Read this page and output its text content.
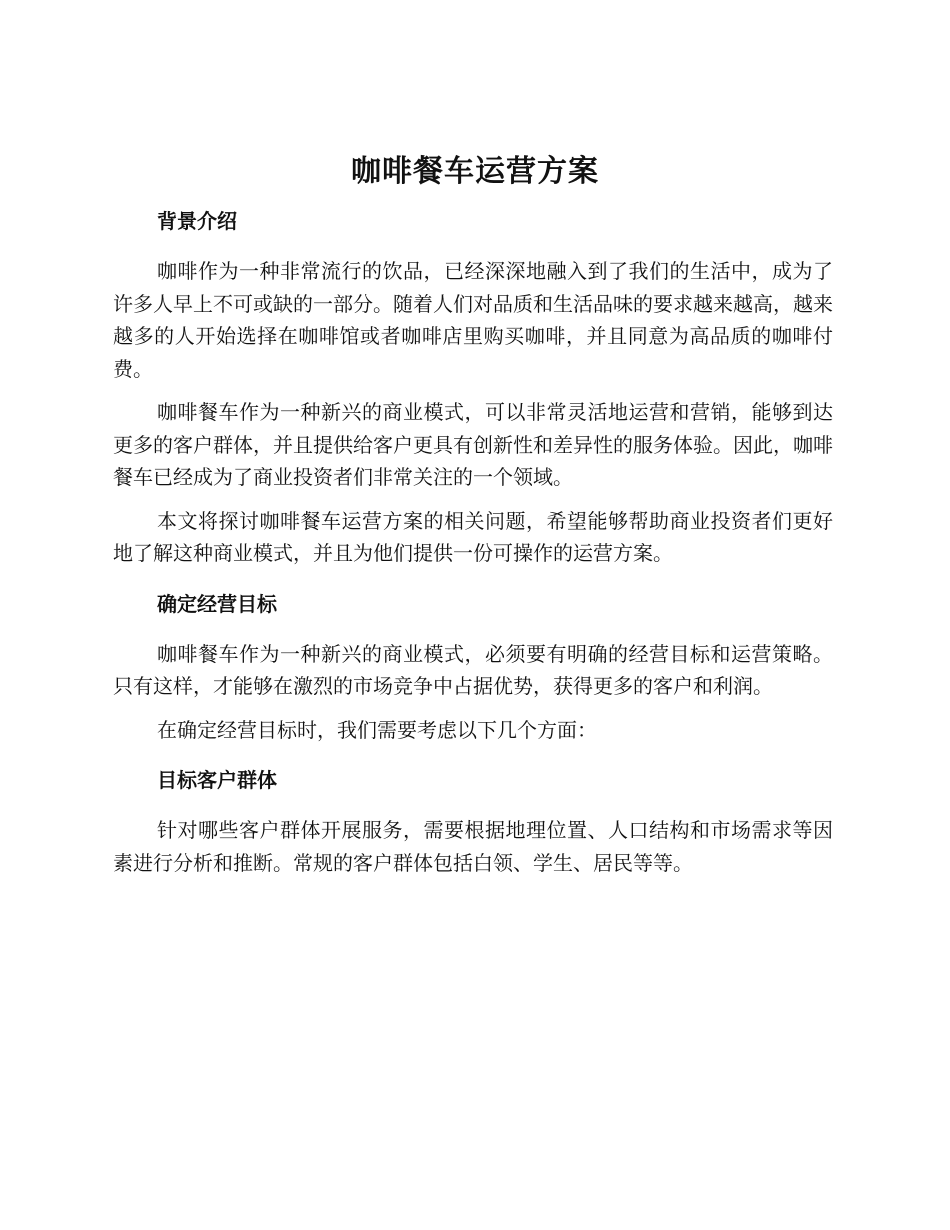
咖啡餐车运营方案
背景介绍

咖啡作为一种非常流行的饮品，已经深深地融入到了我们的生活中，成为了许多人早上不可或缺的一部分。随着人们对品质和生活品味的要求越来越高，越来越多的人开始选择在咖啡馆或者咖啡店里购买咖啡，并且同意为高品质的咖啡付费。

咖啡餐车作为一种新兴的商业模式，可以非常灵活地运营和营销，能够到达更多的客户群体，并且提供给客户更具有创新性和差异性的服务体验。因此，咖啡餐车已经成为了商业投资者们非常关注的一个领域。

本文将探讨咖啡餐车运营方案的相关问题，希望能够帮助商业投资者们更好地了解这种商业模式，并且为他们提供一份可操作的运营方案。

确定经营目标

咖啡餐车作为一种新兴的商业模式，必须要有明确的经营目标和运营策略。只有这样，才能够在激烈的市场竞争中占据优势，获得更多的客户和利润。

在确定经营目标时，我们需要考虑以下几个方面：

目标客户群体

针对哪些客户群体开展服务，需要根据地理位置、人口结构和市场需求等因素进行分析和推断。常规的客户群体包括白领、学生、居民等等。
